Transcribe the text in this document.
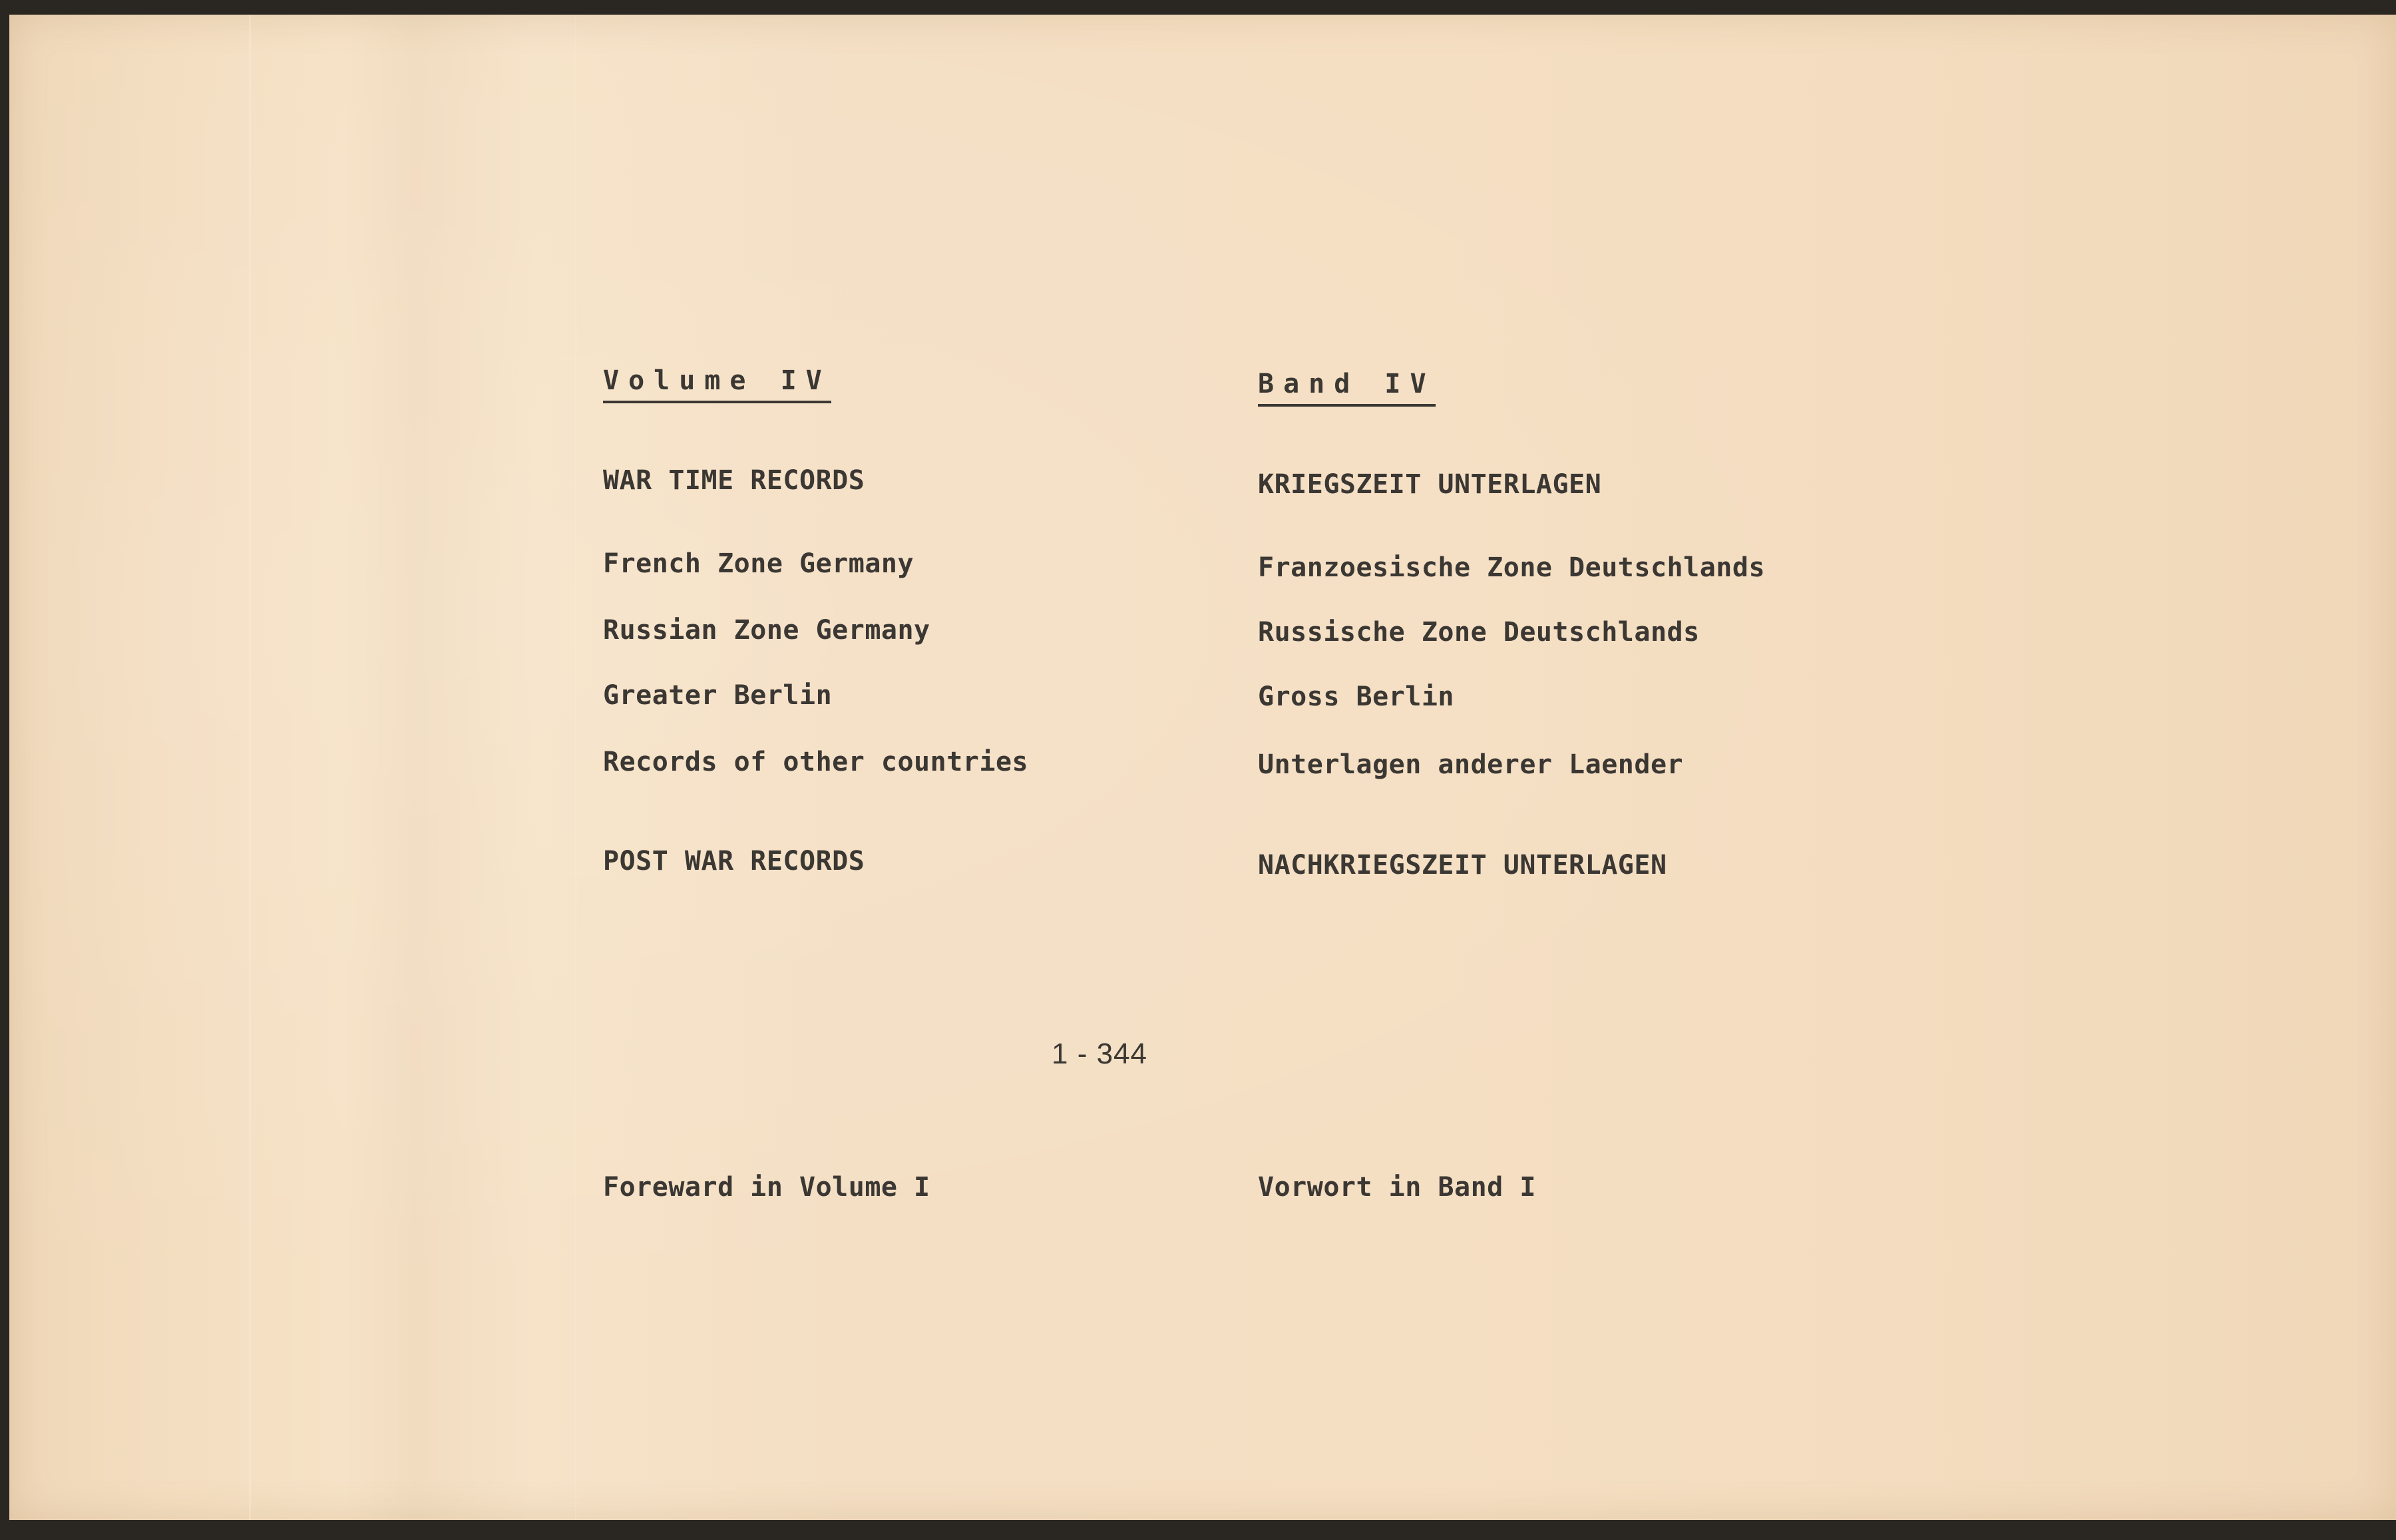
Volume IV
WAR TIME RECORDS
French Zone Germany
Russian Zone Germany
Greater Berlin
Records of other countries
POST WAR RECORDS
Foreward in Volume I
Band IV
KRIEGSZEIT UNTERLAGEN
Franzoesische Zone Deutschlands
Russische Zone Deutschlands
Gross Berlin
Unterlagen anderer Laender
NACHKRIEGSZEIT UNTERLAGEN
Vorwort in Band I
1 - 344
